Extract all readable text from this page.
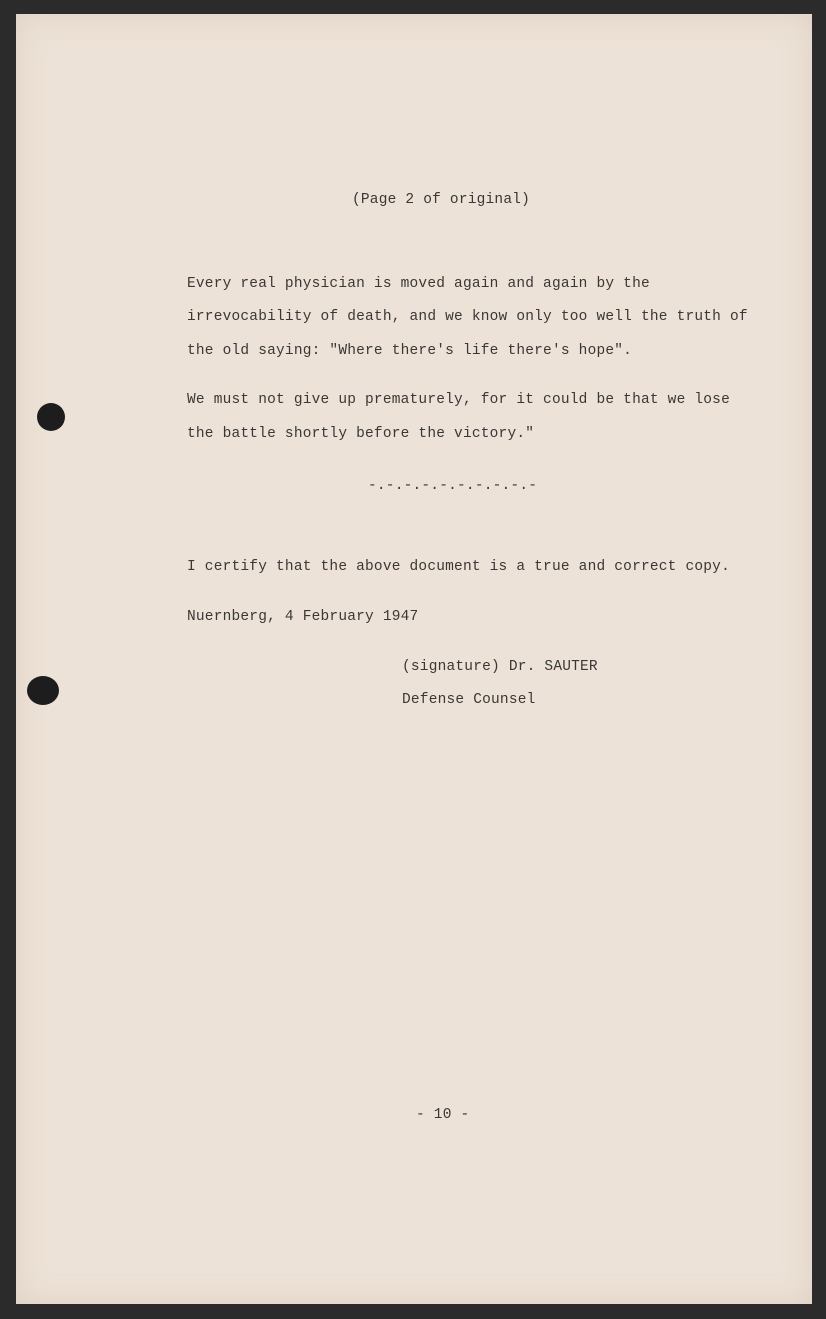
(Page 2 of original)
Every real physician is moved again and again by the
irrevocability of death, and we know only too well the truth of
the old saying: "Where there's life there's hope".
We must not give up prematurely, for it could be that we lose
the battle shortly before the victory."
-.-.-.-.-.-.-.-.-.-
I certify that the above document is a true and correct copy.
Nuernberg, 4 February 1947
(signature) Dr. SAUTER
Defense Counsel
- 10 -
